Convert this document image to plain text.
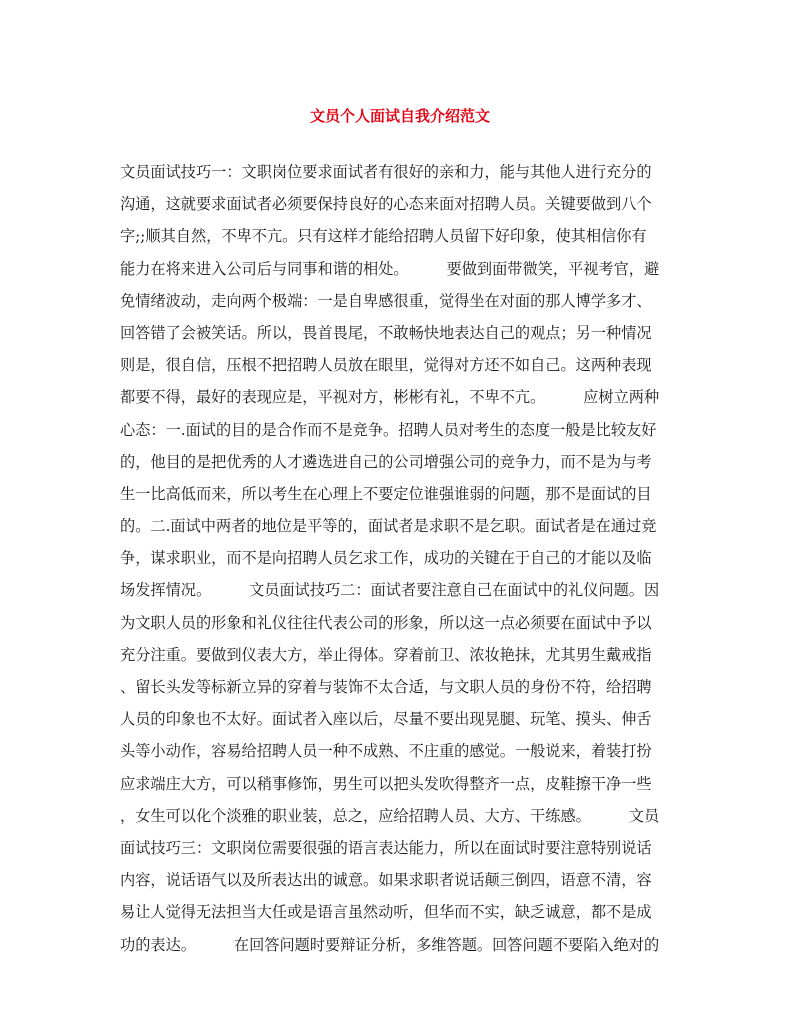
文员个人面试自我介绍范文
文员面试技巧一：文职岗位要求面试者有很好的亲和力，能与其他人进行充分的
沟通，这就要求面试者必须要保持良好的心态来面对招聘人员。关键要做到八个
字;;顺其自然，不卑不亢。只有这样才能给招聘人员留下好印象，使其相信你有
能力在将来进入公司后与同事和谐的相处。　　　要做到面带微笑，平视考官，避
免情绪波动，走向两个极端：一是自卑感很重，觉得坐在对面的那人博学多才、
回答错了会被笑话。所以，畏首畏尾，不敢畅快地表达自己的观点；另一种情况
则是，很自信，压根不把招聘人员放在眼里，觉得对方还不如自己。这两种表现
都要不得，最好的表现应是，平视对方，彬彬有礼，不卑不亢。　　　应树立两种
心态：一.面试的目的是合作而不是竞争。招聘人员对考生的态度一般是比较友好
的，他目的是把优秀的人才遴选进自己的公司增强公司的竞争力，而不是为与考
生一比高低而来，所以考生在心理上不要定位谁强谁弱的问题，那不是面试的目
的。二.面试中两者的地位是平等的，面试者是求职不是乞职。面试者是在通过竞
争，谋求职业，而不是向招聘人员乞求工作，成功的关键在于自己的才能以及临
场发挥情况。　　　文员面试技巧二：面试者要注意自己在面试中的礼仪问题。因
为文职人员的形象和礼仪往往代表公司的形象，所以这一点必须要在面试中予以
充分注重。要做到仪表大方，举止得体。穿着前卫、浓妆艳抹，尤其男生戴戒指
、留长头发等标新立异的穿着与装饰不太合适，与文职人员的身份不符，给招聘
人员的印象也不太好。面试者入座以后，尽量不要出现晃腿、玩笔、摸头、伸舌
头等小动作，容易给招聘人员一种不成熟、不庄重的感觉。一般说来，着装打扮
应求端庄大方，可以稍事修饰，男生可以把头发吹得整齐一点，皮鞋擦干净一些
，女生可以化个淡雅的职业装，总之，应给招聘人员、大方、干练感。　　　文员
面试技巧三：文职岗位需要很强的语言表达能力，所以在面试时要注意特别说话
内容，说话语气以及所表达出的诚意。如果求职者说话颠三倒四，语意不清，容
易让人觉得无法担当大任或是语言虽然动听，但华而不实，缺乏诚意，都不是成
功的表达。　　　在回答问题时要辩证分析，多维答题。回答问题不要陷入绝对的
